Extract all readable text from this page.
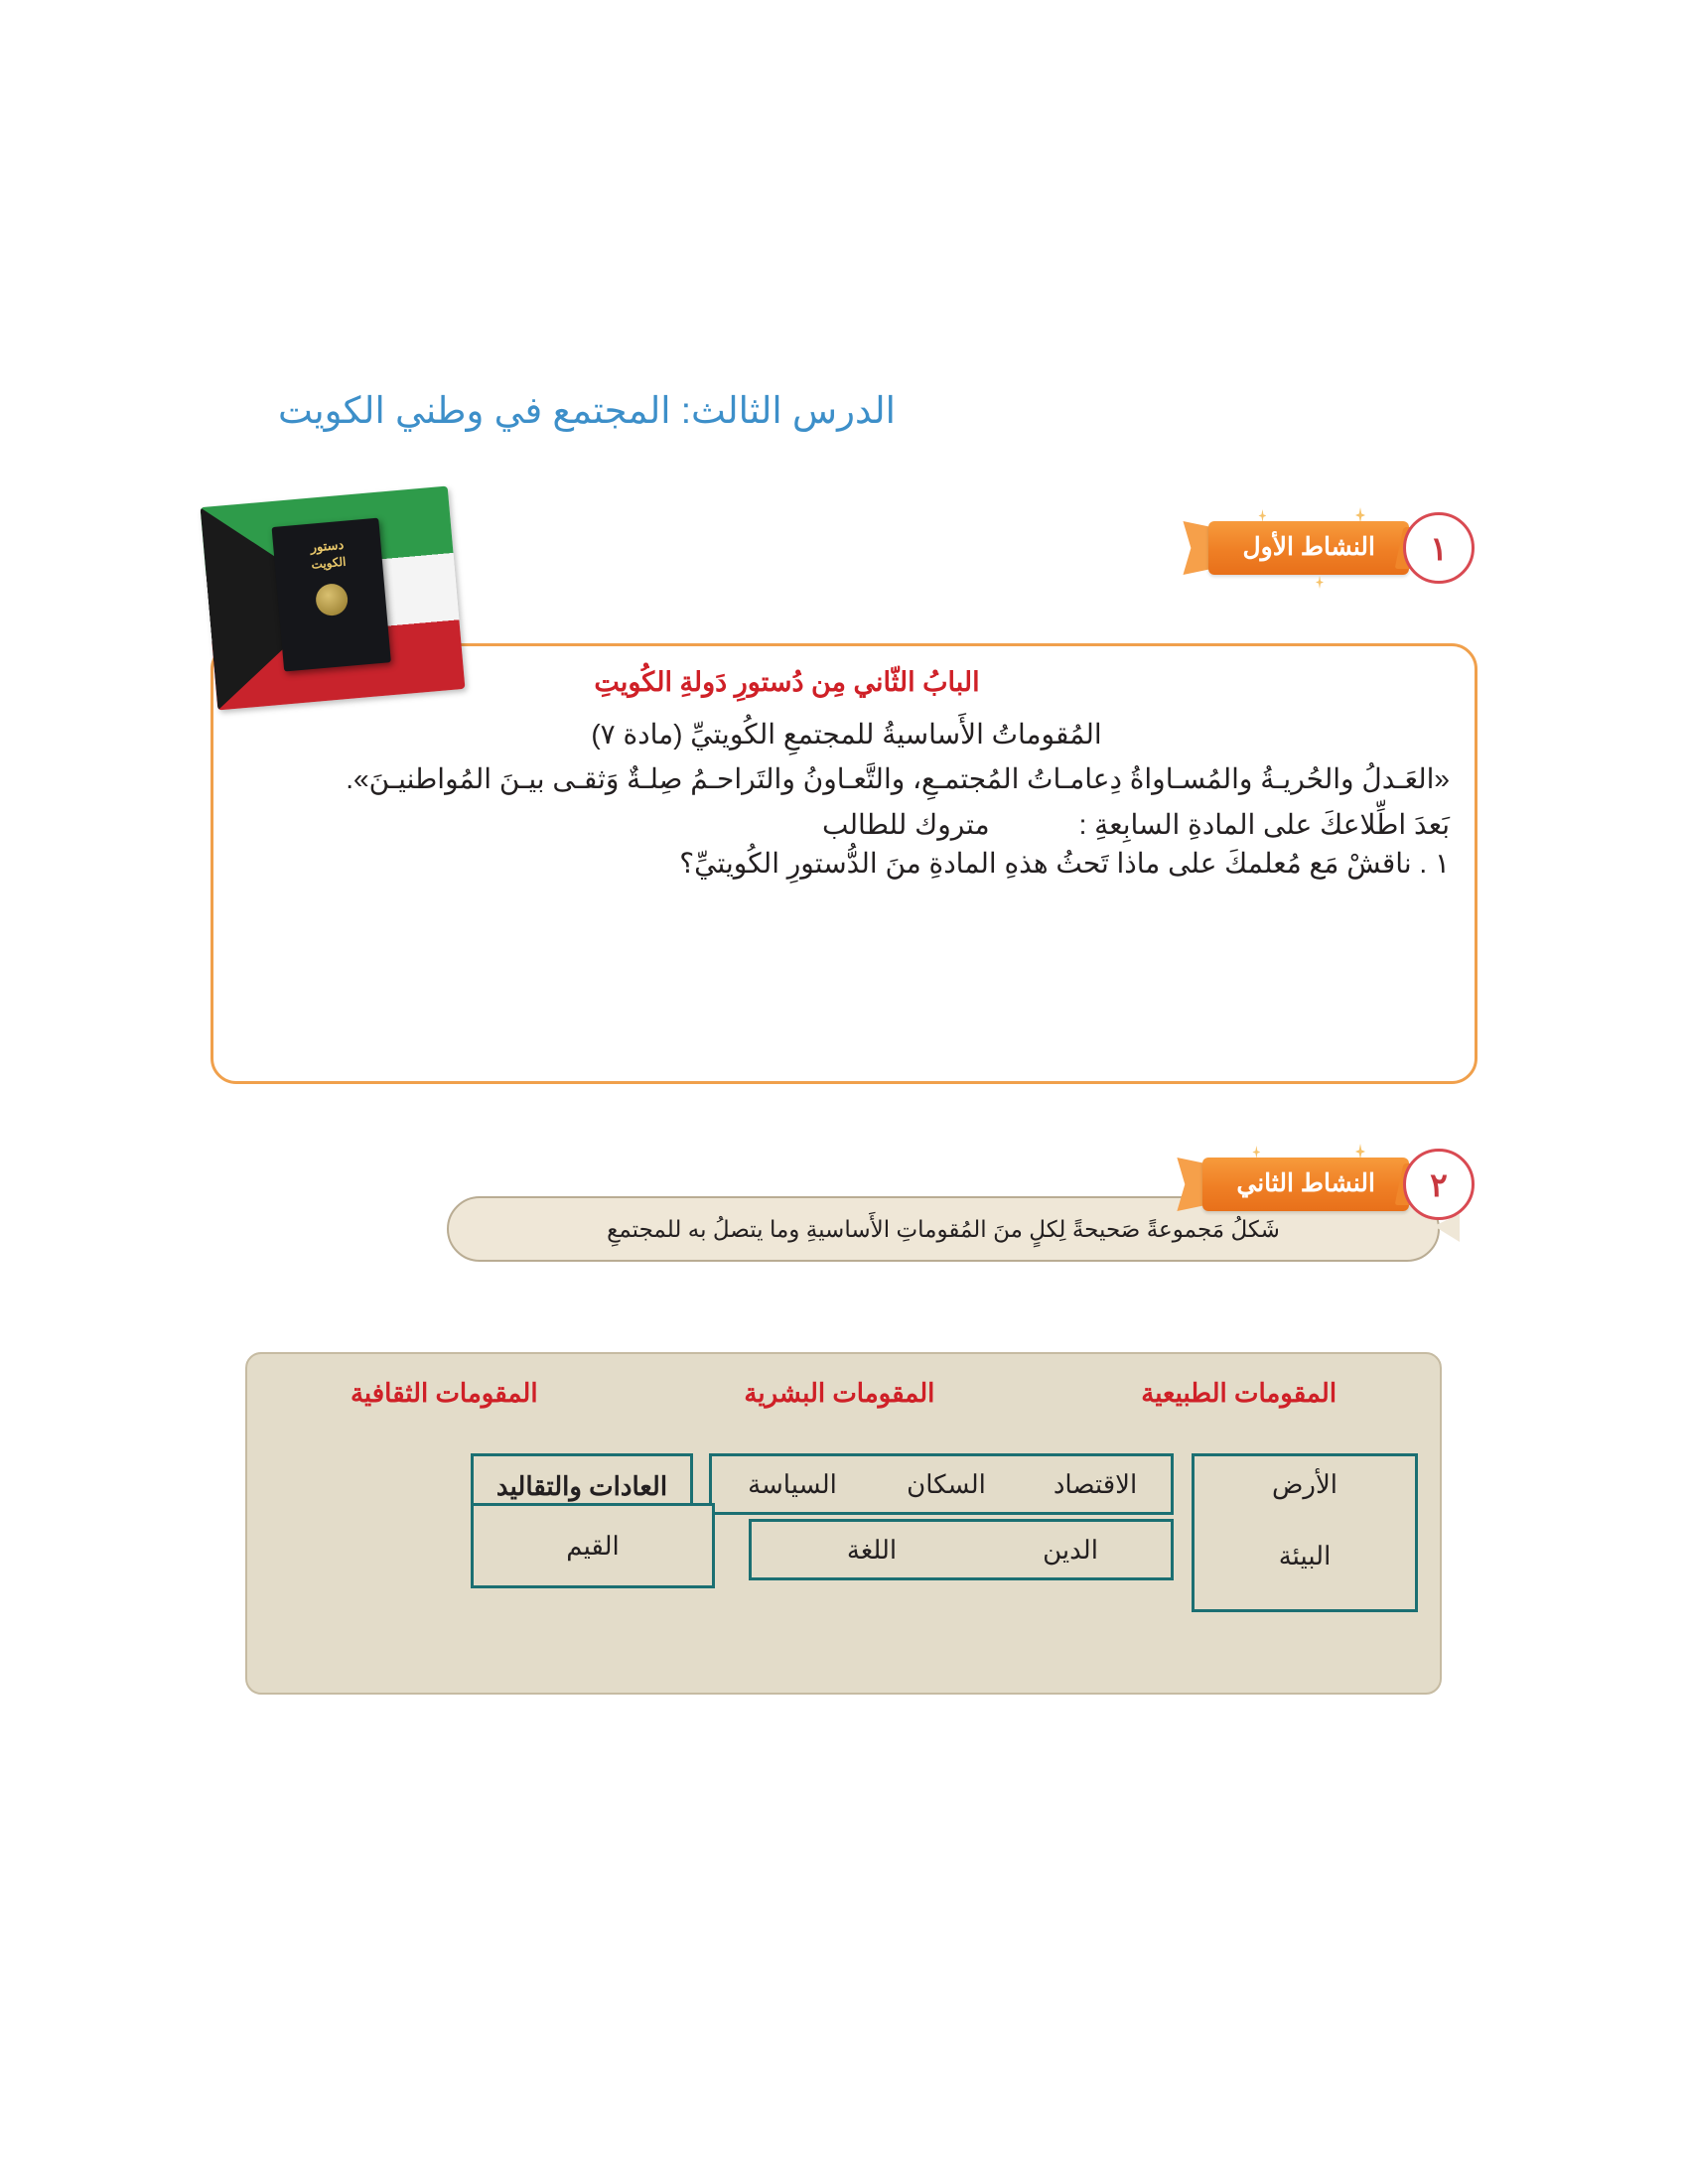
الدرس الثالث: المجتمع في وطني الكويت
١
النشاط الأول
دستور
الكويت
البابُ الثّاني مِن دُستورِ دَولةِ الكُويتِ
المُقوماتُ الأَساسيةُ للمجتمعِ الكُويتيِّ (مادة ٧)
«العَـدلُ والحُريـةُ والمُسـاواةُ دِعامـاتُ المُجتمـعِ، والتَّعـاونُ والتَراحـمُ صِلـةٌ وَثقـى بيـنَ المُواطنيـنَ».
بَعدَ اطِّلاعكَ على المادةِ السابِعةِ :
متروك للطالب
١ . ناقشْ مَع مُعلمكَ على ماذا تَحثُ هذهِ المادةِ منَ الدُّستورِ الكُويتيِّ؟
٢
النشاط الثاني
شَكلُ مَجموعةً صَحيحةً لِكلٍ منَ المُقوماتِ الأَساسيةِ وما يتصلُ به للمجتمعِ
المقومات الطبيعية
المقومات البشرية
المقومات الثقافية
الأرض
البيئة
الاقتصاد
السكان
السياسة
الدين
اللغة
العادات والتقاليد
القيم
